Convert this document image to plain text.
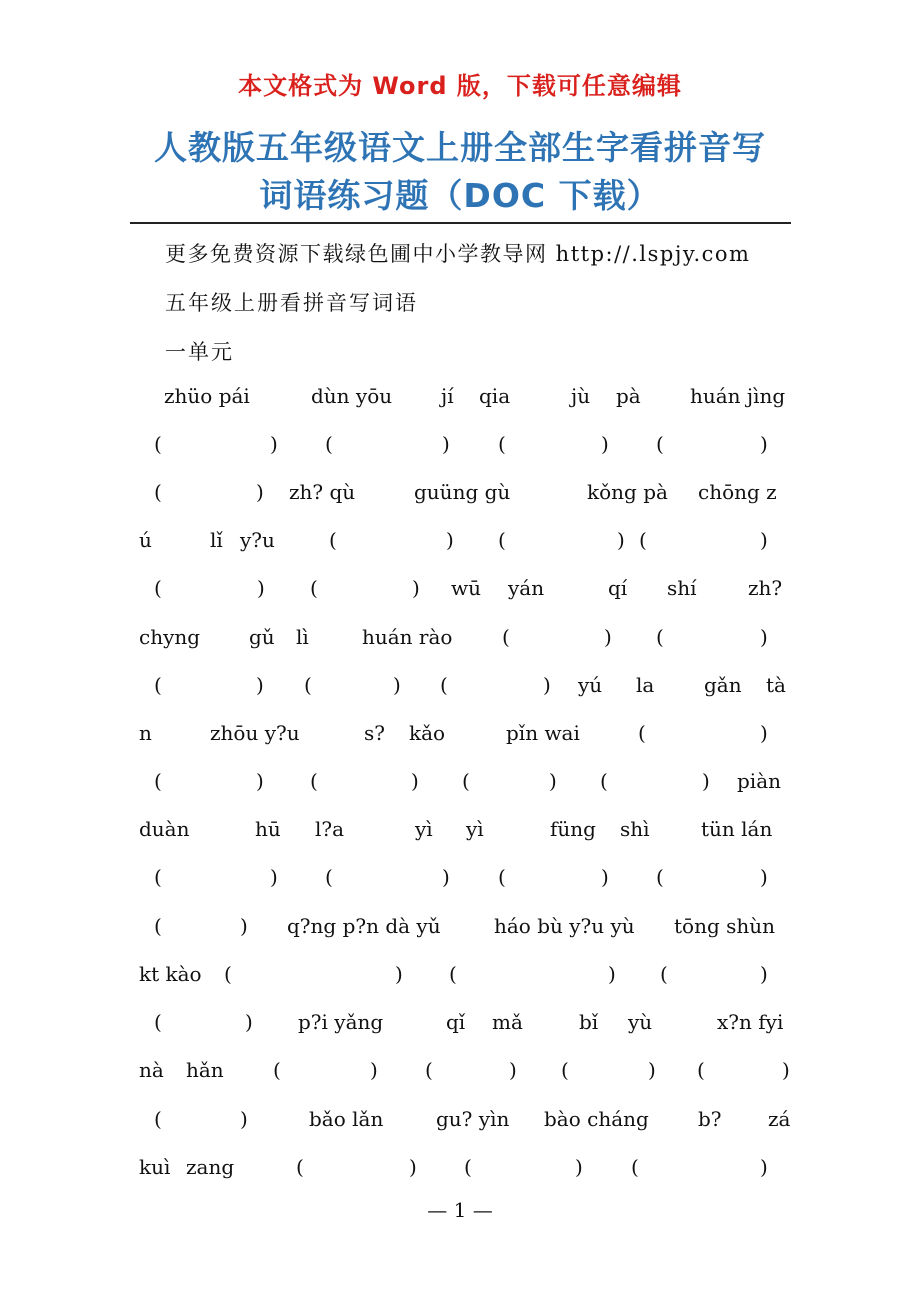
本文格式为 Word 版，下载可任意编辑
人教版五年级语文上册全部生字看拼音写
词语练习题（DOC 下载）
更多免费资源下载绿色圃中小学教导网 http://.lspjy.com
五年级上册看拼音写词语
一单元
zhüo pái	dùn yōu jí qia	jù pà huán jìng
(	) (	) (	) (	)
(	) zh? qù	guüng gù	kǒng pà chōng z
ú	lǐ y?u	(	) (	) (	)
(	) (	) wū yán	qí shí	zh?
chyng gǔ lì	huán rào (	) (	)
(	) (	) (	) yú la gǎn tà
n	zhōu y?u	s? kǎo	pǐn wai	(	)
(	) (	) (	) (	) piàn
duàn	hū l?a	yì yì	füng shì	tün lán
(	) (	) (	) (	)
(	) q?ng p?n dà yǔ	háo bù y?u yù tōng shùn
kt kào (	) (	) (	)
(	) p?i yǎng	qǐ mǎ	bǐ yù	x?n fyi
nà hǎn (	) (	) (	) (	)
(	)	bǎo lǎn	gu? yìn bào cháng b? zá
kuì zang	(	) (	) (	)
— 1 —
